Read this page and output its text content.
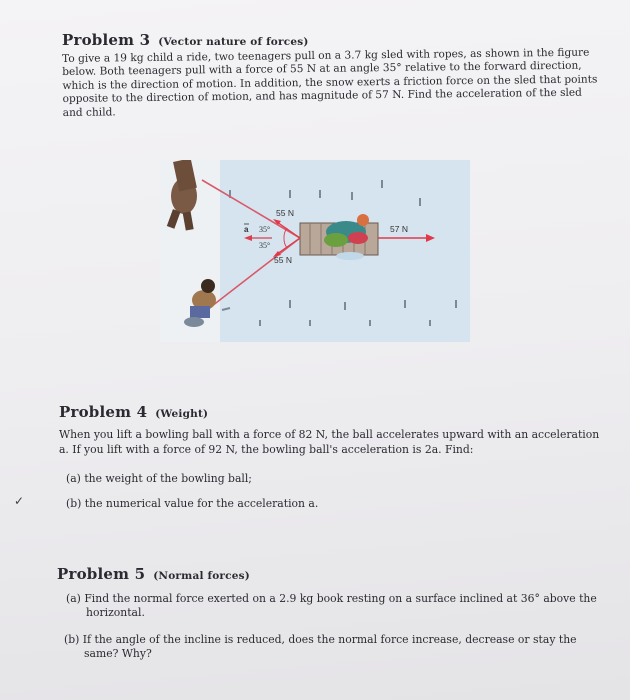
Problem 3 (Vector nature of forces)
To give a 19 kg child a ride, two teenagers pull on a 3.7 kg sled with ropes, as shown in the figure
below. Both teenagers pull with a force of 55 N at an angle 35° relative to the forward direction,
which is the direction of motion. In addition, the snow exerts a friction force on the sled that points
opposite to the direction of motion, and has magnitude of 57 N. Find the acceleration of the sled
and child.
55 N
55 N
35°
35°
a	57 N
Problem 4 (Weight)
When you lift a bowling ball with a force of 82 N, the ball accelerates upward with an acceleration
a. If you lift with a force of 92 N, the bowling ball's acceleration is 2a. Find:
(a) the weight of the bowling ball;
(b) the numerical value for the acceleration a.
✓
Problem 5 (Normal forces)
(a) Find the normal force exerted on a 2.9 kg book resting on a surface inclined at 36° above the
horizontal.
(b) If the angle of the incline is reduced, does the normal force increase, decrease or stay the
same? Why?
